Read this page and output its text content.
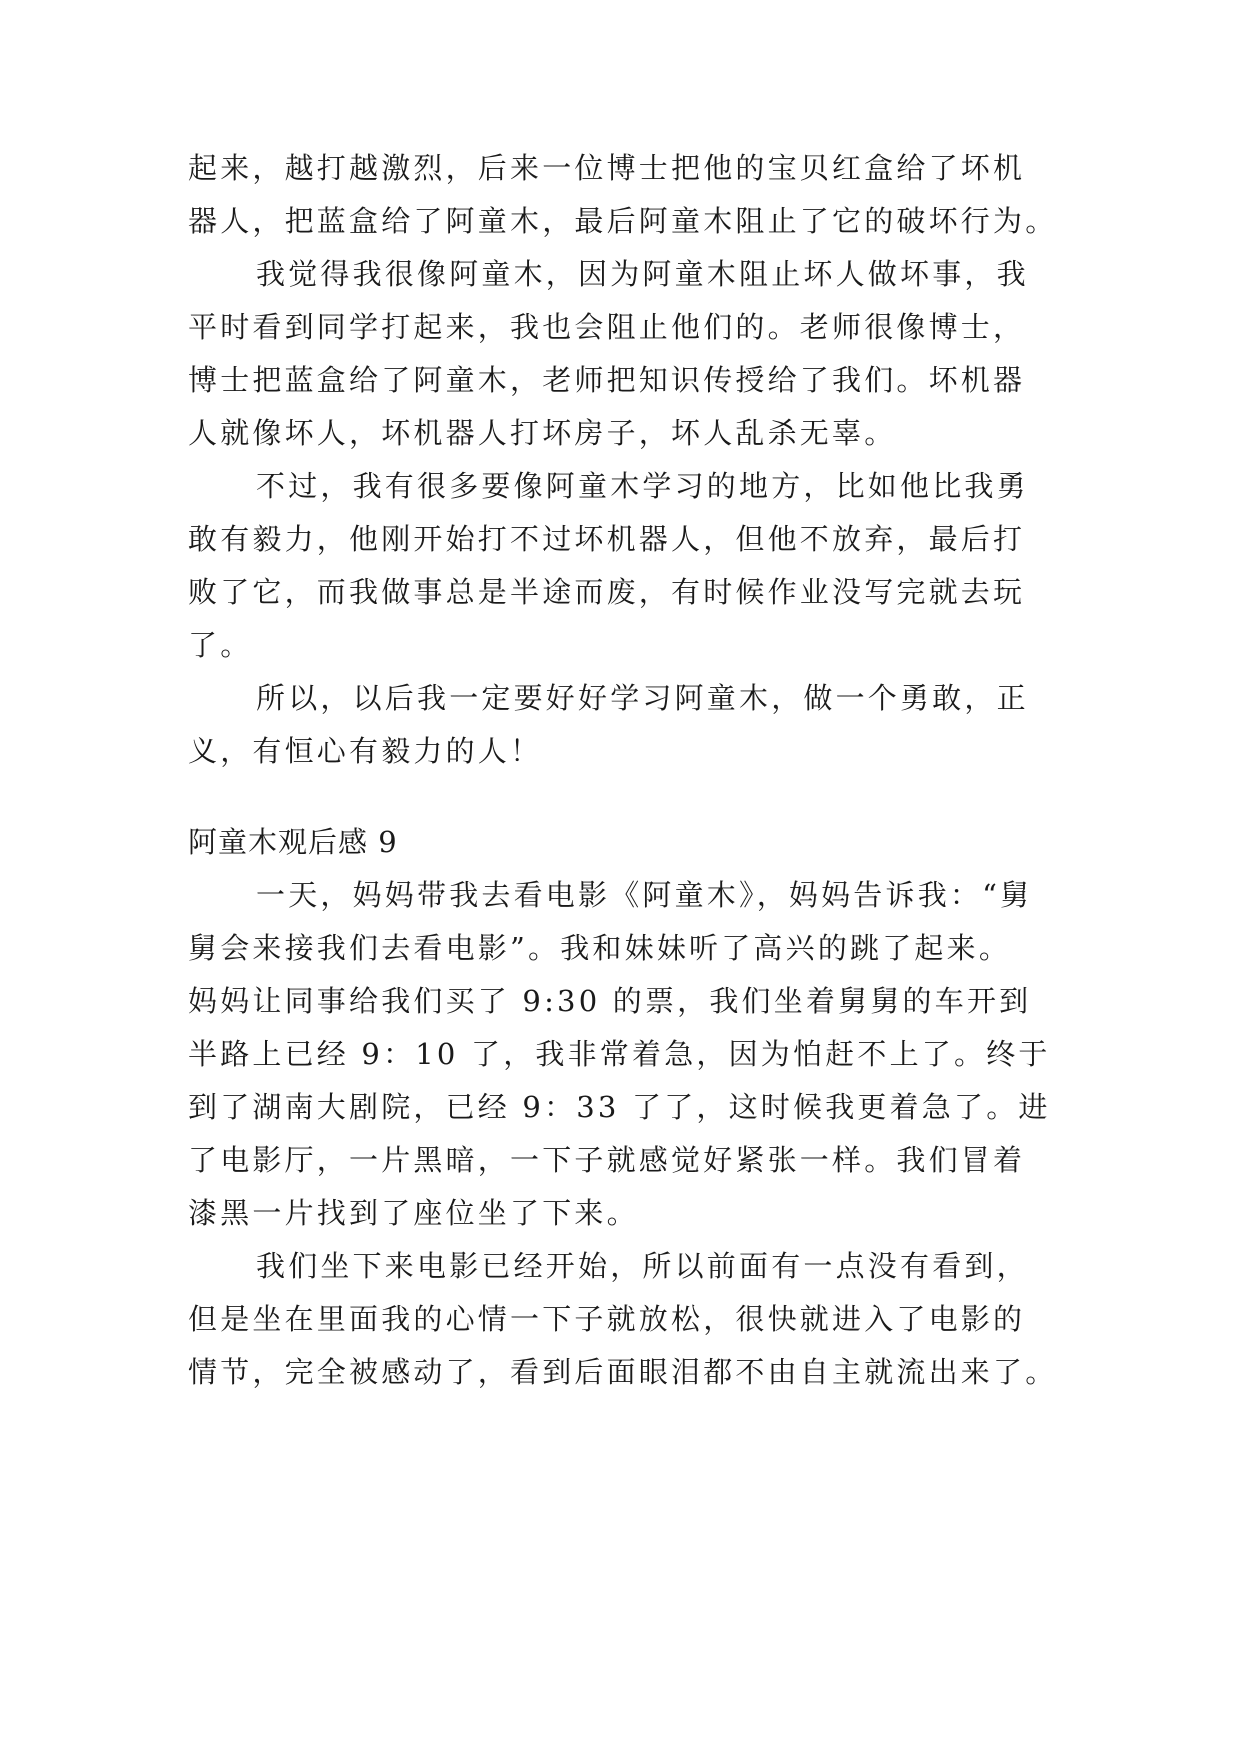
起来，越打越激烈，后来一位博士把他的宝贝红盒给了坏机
器人，把蓝盒给了阿童木，最后阿童木阻止了它的破坏行为。
我觉得我很像阿童木，因为阿童木阻止坏人做坏事，我
平时看到同学打起来，我也会阻止他们的。老师很像博士，
博士把蓝盒给了阿童木，老师把知识传授给了我们。坏机器
人就像坏人，坏机器人打坏房子，坏人乱杀无辜。
不过，我有很多要像阿童木学习的地方，比如他比我勇
敢有毅力，他刚开始打不过坏机器人，但他不放弃，最后打
败了它，而我做事总是半途而废，有时候作业没写完就去玩
了。
所以，以后我一定要好好学习阿童木，做一个勇敢，正
义，有恒心有毅力的人！
阿童木观后感 9
一天，妈妈带我去看电影《阿童木》，妈妈告诉我：“舅
舅会来接我们去看电影”。我和妹妹听了高兴的跳了起来。
妈妈让同事给我们买了 9:30 的票，我们坐着舅舅的车开到
半路上已经 9：10 了，我非常着急，因为怕赶不上了。终于
到了湖南大剧院，已经 9：33 了了，这时候我更着急了。进
了电影厅，一片黑暗，一下子就感觉好紧张一样。我们冒着
漆黑一片找到了座位坐了下来。
我们坐下来电影已经开始，所以前面有一点没有看到，
但是坐在里面我的心情一下子就放松，很快就进入了电影的
情节，完全被感动了，看到后面眼泪都不由自主就流出来了。
